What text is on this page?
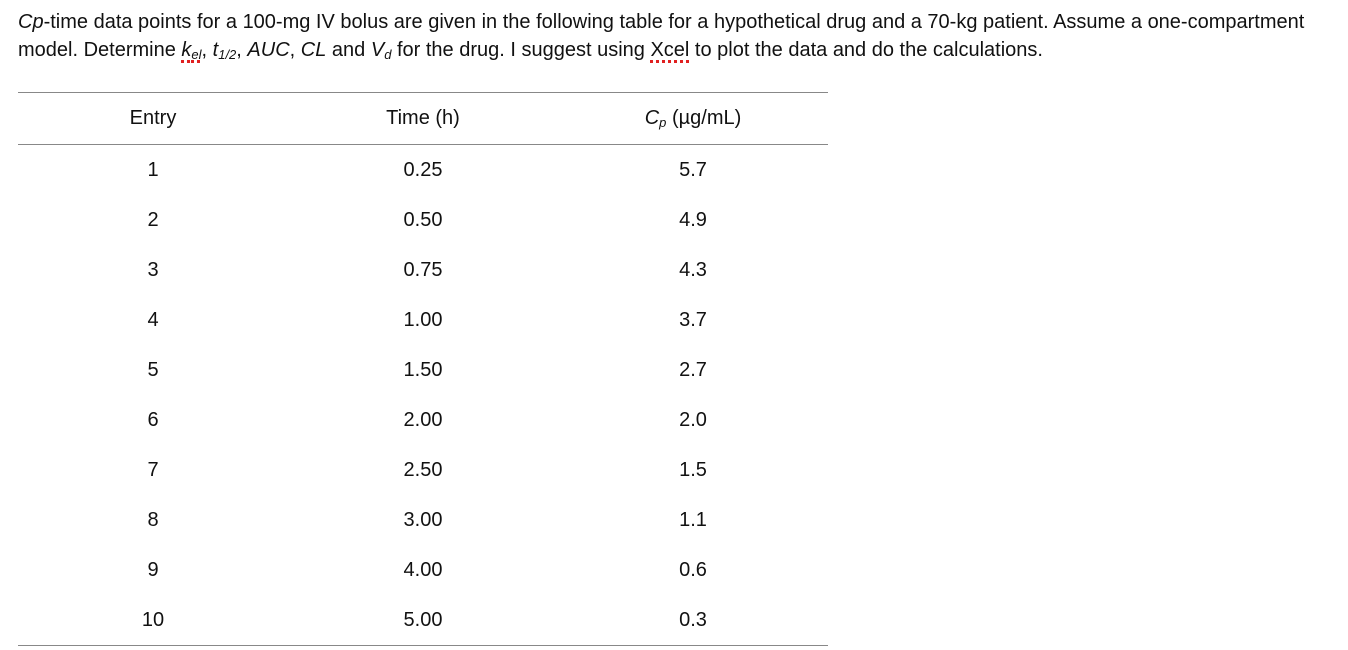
Cp-time data points for a 100-mg IV bolus are given in the following table for a hypothetical drug and a 70-kg patient. Assume a one-compartment model. Determine $k_{el}$, $t_{1/2}$, AUC, CL and $V_d$ for the drug. I suggest using Xcel to plot the data and do the calculations.
Entry	Time (h)	$C_p$ (µg/mL)
1	0.25	5.7
2	0.50	4.9
3	0.75	4.3
4	1.00	3.7
5	1.50	2.7
6	2.00	2.0
7	2.50	1.5
8	3.00	1.1
9	4.00	0.6
10	5.00	0.3
